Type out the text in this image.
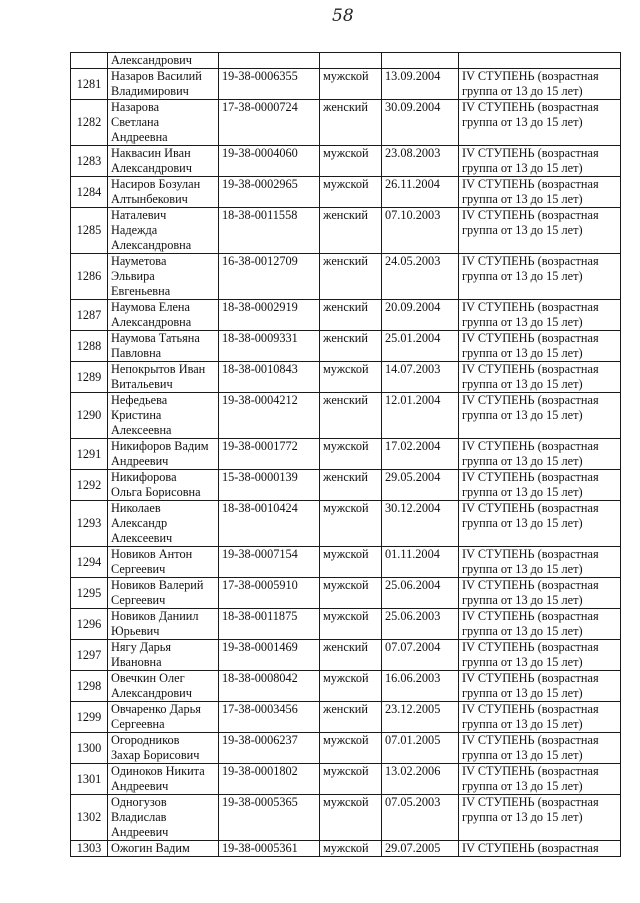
58

	Александрович				

1281	Назаров Василий
Владимирович	19-38-0006355	мужской	13.09.2004	IV СТУПЕНЬ (возрастная
группа от 13 до 15 лет)

1282	Назарова
Светлана
Андреевна	17-38-0000724	женский	30.09.2004	IV СТУПЕНЬ (возрастная
группа от 13 до 15 лет)

1283	Наквасин Иван
Александрович	19-38-0004060	мужской	23.08.2003	IV СТУПЕНЬ (возрастная
группа от 13 до 15 лет)

1284	Насиров Бозулан
Алтынбекович	19-38-0002965	мужской	26.11.2004	IV СТУПЕНЬ (возрастная
группа от 13 до 15 лет)

1285	Наталевич
Надежда
Александровна	18-38-0011558	женский	07.10.2003	IV СТУПЕНЬ (возрастная
группа от 13 до 15 лет)

1286	Науметова
Эльвира
Евгеньевна	16-38-0012709	женский	24.05.2003	IV СТУПЕНЬ (возрастная
группа от 13 до 15 лет)

1287	Наумова Елена
Александровна	18-38-0002919	женский	20.09.2004	IV СТУПЕНЬ (возрастная
группа от 13 до 15 лет)

1288	Наумова Татьяна
Павловна	18-38-0009331	женский	25.01.2004	IV СТУПЕНЬ (возрастная
группа от 13 до 15 лет)

1289	Непокрытов Иван
Витальевич	18-38-0010843	мужской	14.07.2003	IV СТУПЕНЬ (возрастная
группа от 13 до 15 лет)

1290	Нефедьева
Кристина
Алексеевна	19-38-0004212	женский	12.01.2004	IV СТУПЕНЬ (возрастная
группа от 13 до 15 лет)

1291	Никифоров Вадим
Андреевич	19-38-0001772	мужской	17.02.2004	IV СТУПЕНЬ (возрастная
группа от 13 до 15 лет)

1292	Никифорова
Ольга Борисовна	15-38-0000139	женский	29.05.2004	IV СТУПЕНЬ (возрастная
группа от 13 до 15 лет)

1293	Николаев
Александр
Алексеевич	18-38-0010424	мужской	30.12.2004	IV СТУПЕНЬ (возрастная
группа от 13 до 15 лет)

1294	Новиков Антон
Сергеевич	19-38-0007154	мужской	01.11.2004	IV СТУПЕНЬ (возрастная
группа от 13 до 15 лет)

1295	Новиков Валерий
Сергеевич	17-38-0005910	мужской	25.06.2004	IV СТУПЕНЬ (возрастная
группа от 13 до 15 лет)

1296	Новиков Даниил
Юрьевич	18-38-0011875	мужской	25.06.2003	IV СТУПЕНЬ (возрастная
группа от 13 до 15 лет)

1297	Нягу Дарья
Ивановна	19-38-0001469	женский	07.07.2004	IV СТУПЕНЬ (возрастная
группа от 13 до 15 лет)

1298	Овечкин Олег
Александрович	18-38-0008042	мужской	16.06.2003	IV СТУПЕНЬ (возрастная
группа от 13 до 15 лет)

1299	Овчаренко Дарья
Сергеевна	17-38-0003456	женский	23.12.2005	IV СТУПЕНЬ (возрастная
группа от 13 до 15 лет)

1300	Огородников
Захар Борисович	19-38-0006237	мужской	07.01.2005	IV СТУПЕНЬ (возрастная
группа от 13 до 15 лет)

1301	Одиноков Никита
Андреевич	19-38-0001802	мужской	13.02.2006	IV СТУПЕНЬ (возрастная
группа от 13 до 15 лет)

1302	Одногузов
Владислав
Андреевич	19-38-0005365	мужской	07.05.2003	IV СТУПЕНЬ (возрастная
группа от 13 до 15 лет)

1303	Ожогин Вадим	19-38-0005361	мужской	29.07.2005	IV СТУПЕНЬ (возрастная
